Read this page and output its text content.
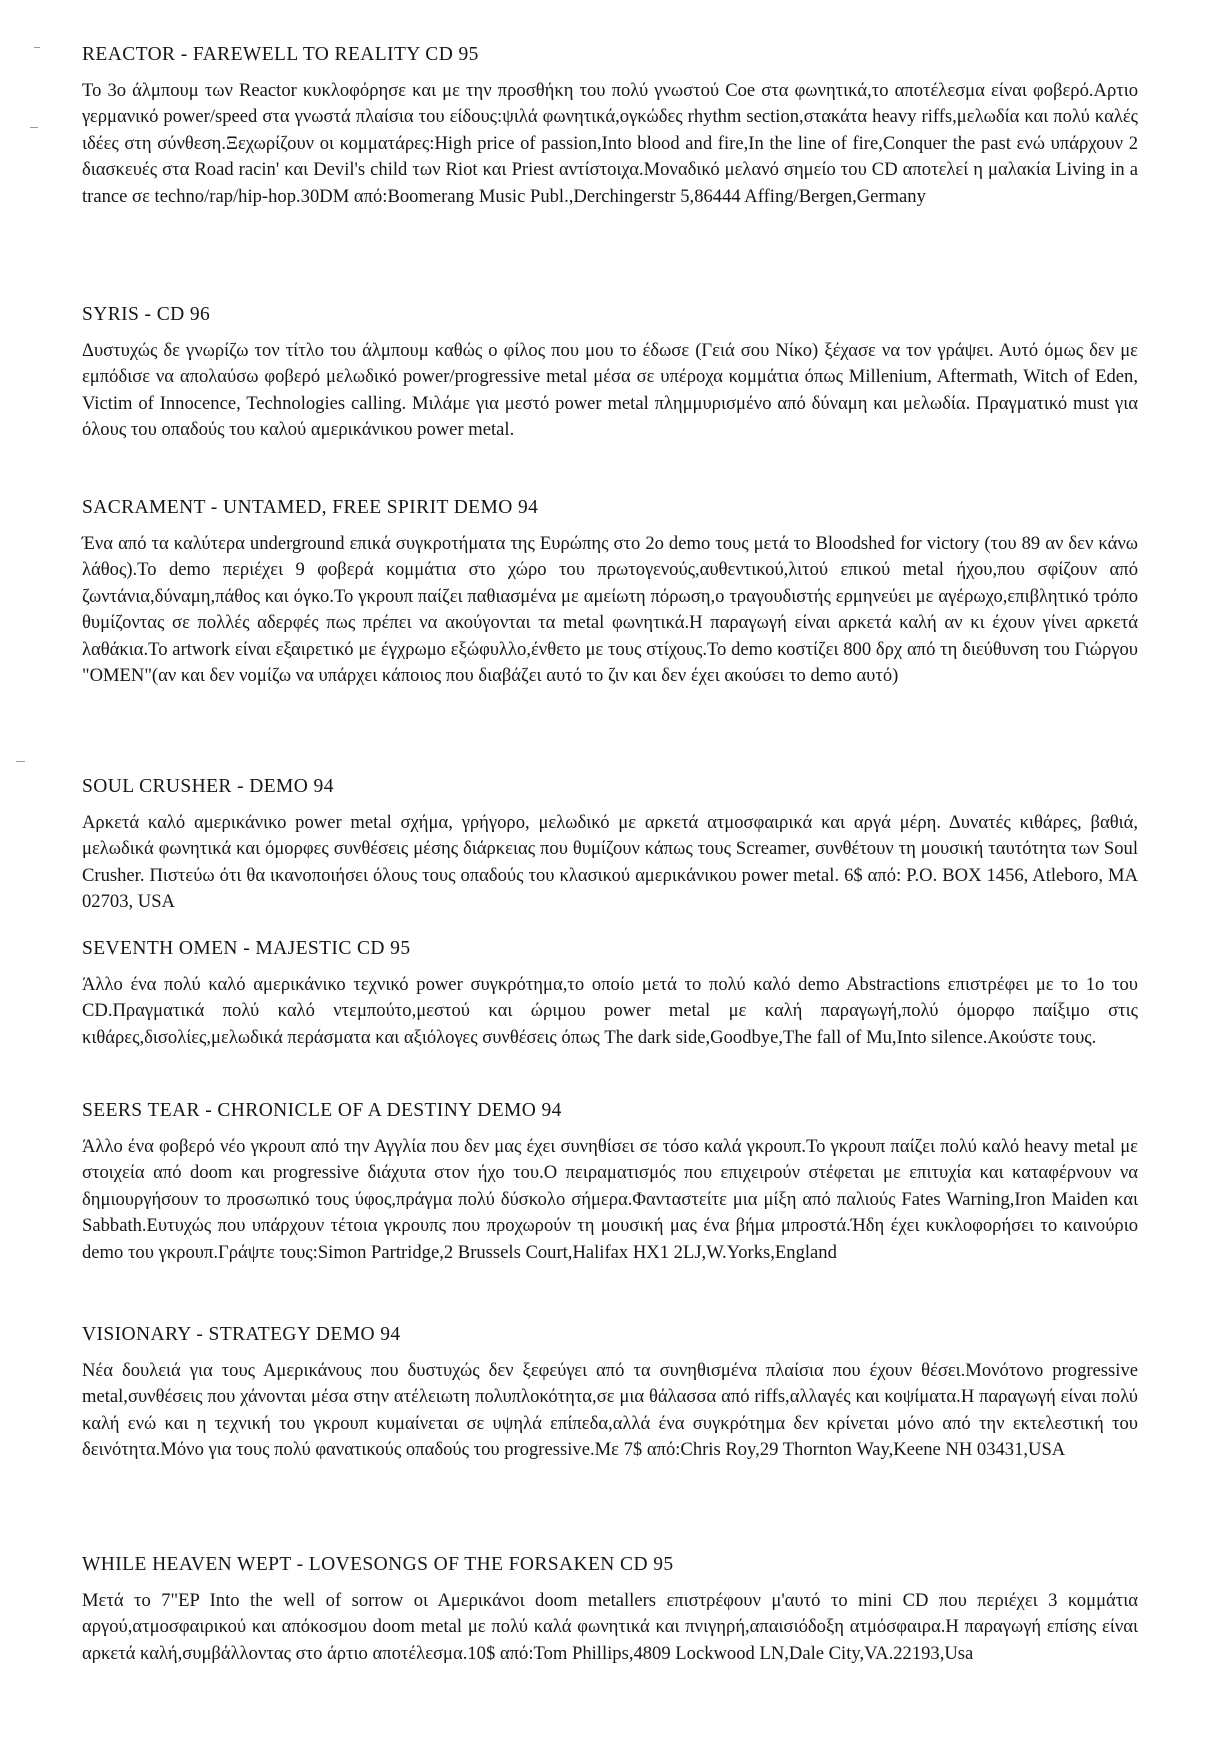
REACTOR - FAREWELL TO REALITY CD 95

Το 3ο άλμπουμ των Reactor κυκλοφόρησε και με την προσθήκη του πολύ γνωστού Coe στα φωνητικά,το αποτέλεσμα είναι φοβερό.Αρτιο γερμανικό power/speed στα γνωστά πλαίσια του είδους:ψιλά φωνητικά,ογκώδες rhythm section,στακάτα heavy riffs,μελωδία και πολύ καλές ιδέες στη σύνθεση.Ξεχωρίζουν οι κομματάρες:High price of passion,Into blood and fire,In the line of fire,Conquer the past ενώ υπάρχουν 2 διασκευές στα Road racin' και Devil's child των Riot και Priest αντίστοιχα.Μοναδικό μελανό σημείο του CD αποτελεί η μαλακία Living in a trance σε techno/rap/hip-hop.30DM από:Boomerang Music Publ.,Derchingerstr 5,86444 Affing/Bergen,Germany

SYRIS - CD 96

Δυστυχώς δε γνωρίζω τον τίτλο του άλμπουμ καθώς ο φίλος που μου το έδωσε (Γειά σου Νίκο) ξέχασε να τον γράψει. Αυτό όμως δεν με εμπόδισε να απολαύσω φοβερό μελωδικό power/progressive metal μέσα σε υπέροχα κομμάτια όπως Millenium, Aftermath, Witch of Eden, Victim of Innocence, Technologies calling. Μιλάμε για μεστό power metal πλημμυρισμένο από δύναμη και μελωδία. Πραγματικό must για όλους του οπαδούς του καλού αμερικάνικου power metal.

SACRAMENT - UNTAMED, FREE SPIRIT DEMO 94

Ένα από τα καλύτερα underground επικά συγκροτήματα της Ευρώπης στο 2ο demo τους μετά το Bloodshed for victory (του 89 αν δεν κάνω λάθος).Το demo περιέχει 9 φοβερά κομμάτια στο χώρο του πρωτογενούς,αυθεντικού,λιτού επικού metal ήχου,που σφίζουν από ζωντάνια,δύναμη,πάθος και όγκο.Το γκρουπ παίζει παθιασμένα με αμείωτη πόρωση,ο τραγουδιστής ερμηνεύει με αγέρωχο,επιβλητικό τρόπο θυμίζοντας σε πολλές αδερφές πως πρέπει να ακούγονται τα metal φωνητικά.Η παραγωγή είναι αρκετά καλή αν κι έχουν γίνει αρκετά λαθάκια.Το artwork είναι εξαιρετικό με έγχρωμο εξώφυλλο,ένθετο με τους στίχους.Το demo κοστίζει 800 δρχ από τη διεύθυνση του Γιώργου "OMEN"(αν και δεν νομίζω να υπάρχει κάποιος που διαβάζει αυτό το ζιν και δεν έχει ακούσει το demo αυτό)

SOUL CRUSHER - DEMO 94

Αρκετά καλό αμερικάνικο power metal σχήμα, γρήγορο, μελωδικό με αρκετά ατμοσφαιρικά και αργά μέρη. Δυνατές κιθάρες, βαθιά, μελωδικά φωνητικά και όμορφες συνθέσεις μέσης διάρκειας που θυμίζουν κάπως τους Screamer, συνθέτουν τη μουσική ταυτότητα των Soul Crusher. Πιστεύω ότι θα ικανοποιήσει όλους τους οπαδούς του κλασικού αμερικάνικου power metal. 6$ από: P.O. BOX 1456, Atleboro, MA 02703, USA

SEVENTH OMEN - MAJESTIC CD 95

Άλλο ένα πολύ καλό αμερικάνικο τεχνικό power συγκρότημα,το οποίο μετά το πολύ καλό demo Abstractions επιστρέφει με το 1ο του CD.Πραγματικά πολύ καλό ντεμπούτο,μεστού και ώριμου power metal με καλή παραγωγή,πολύ όμορφο παίξιμο στις κιθάρες,δισολίες,μελωδικά περάσματα και αξιόλογες συνθέσεις όπως The dark side,Goodbye,The fall of Mu,Into silence.Ακούστε τους.

SEERS TEAR - CHRONICLE OF A DESTINY DEMO 94

Άλλο ένα φοβερό νέο γκρουπ από την Αγγλία που δεν μας έχει συνηθίσει σε τόσο καλά γκρουπ.Το γκρουπ παίζει πολύ καλό heavy metal με στοιχεία από doom και progressive διάχυτα στον ήχο του.Ο πειραματισμός που επιχειρούν στέφεται με επιτυχία και καταφέρνουν να δημιουργήσουν το προσωπικό τους ύφος,πράγμα πολύ δύσκολο σήμερα.Φανταστείτε μια μίξη από παλιούς Fates Warning,Iron Maiden και Sabbath.Ευτυχώς που υπάρχουν τέτοια γκρουπς που προχωρούν τη μουσική μας ένα βήμα μπροστά.Ήδη έχει κυκλοφορήσει το καινούριο demo του γκρουπ.Γράψτε τους:Simon Partridge,2 Brussels Court,Halifax HX1 2LJ,W.Yorks,England

VISIONARY - STRATEGY DEMO 94

Νέα δουλειά για τους Αμερικάνους που δυστυχώς δεν ξεφεύγει από τα συνηθισμένα πλαίσια που έχουν θέσει.Μονότονο progressive metal,συνθέσεις που χάνονται μέσα στην ατέλειωτη πολυπλοκότητα,σε μια θάλασσα από riffs,αλλαγές και κοψίματα.Η παραγωγή είναι πολύ καλή ενώ και η τεχνική του γκρουπ κυμαίνεται σε υψηλά επίπεδα,αλλά ένα συγκρότημα δεν κρίνεται μόνο από την εκτελεστική του δεινότητα.Μόνο για τους πολύ φανατικούς οπαδούς του progressive.Με 7$ από:Chris Roy,29 Thornton Way,Keene NH 03431,USA

WHILE HEAVEN WEPT - LOVESONGS OF THE FORSAKEN CD 95

Μετά το 7"EP Into the well of sorrow οι Αμερικάνοι doom metallers επιστρέφουν μ'αυτό το mini CD που περιέχει 3 κομμάτια αργού,ατμοσφαιρικού και απόκοσμου doom metal με πολύ καλά φωνητικά και πνιγηρή,απαισιόδοξη ατμόσφαιρα.Η παραγωγή επίσης είναι αρκετά καλή,συμβάλλοντας στο άρτιο αποτέλεσμα.10$ από:Tom Phillips,4809 Lockwood LN,Dale City,VA.22193,Usa
